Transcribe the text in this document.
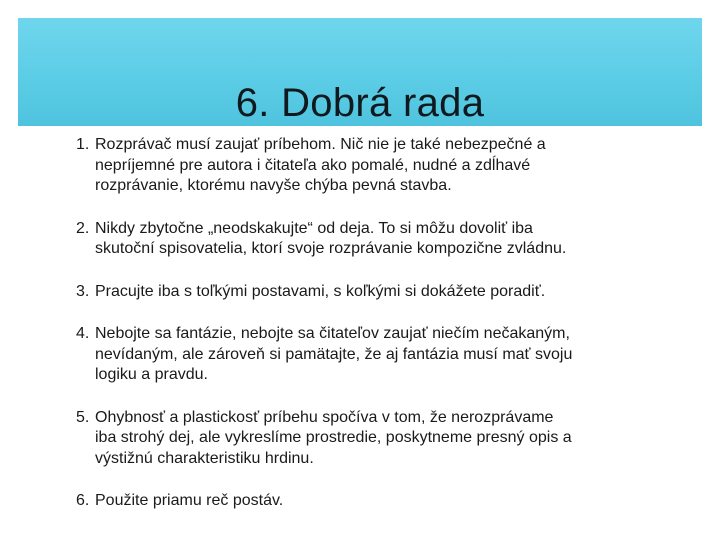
6. Dobrá rada
1. Rozprávač musí zaujať príbehom. Nič nie je také nebezpečné a
nepríjemné pre autora i čitateľa ako pomalé, nudné a zdĺhavé
rozprávanie, ktorému navyše chýba pevná stavba.
2. Nikdy zbytočne „neodskakujte“ od deja. To si môžu dovoliť iba
skutoční spisovatelia, ktorí svoje rozprávanie kompozične zvládnu.
3. Pracujte iba s toľkými postavami, s koľkými si dokážete poradiť.
4. Nebojte sa fantázie, nebojte sa čitateľov zaujať niečím nečakaným,
nevídaným, ale zároveň si pamätajte, že aj fantázia musí mať svoju
logiku a pravdu.
5. Ohybnosť a plastickosť príbehu spočíva v tom, že nerozprávame
iba strohý dej, ale vykreslíme prostredie, poskytneme presný opis a
výstižnú charakteristiku hrdinu.
6. Použite priamu reč postáv.
